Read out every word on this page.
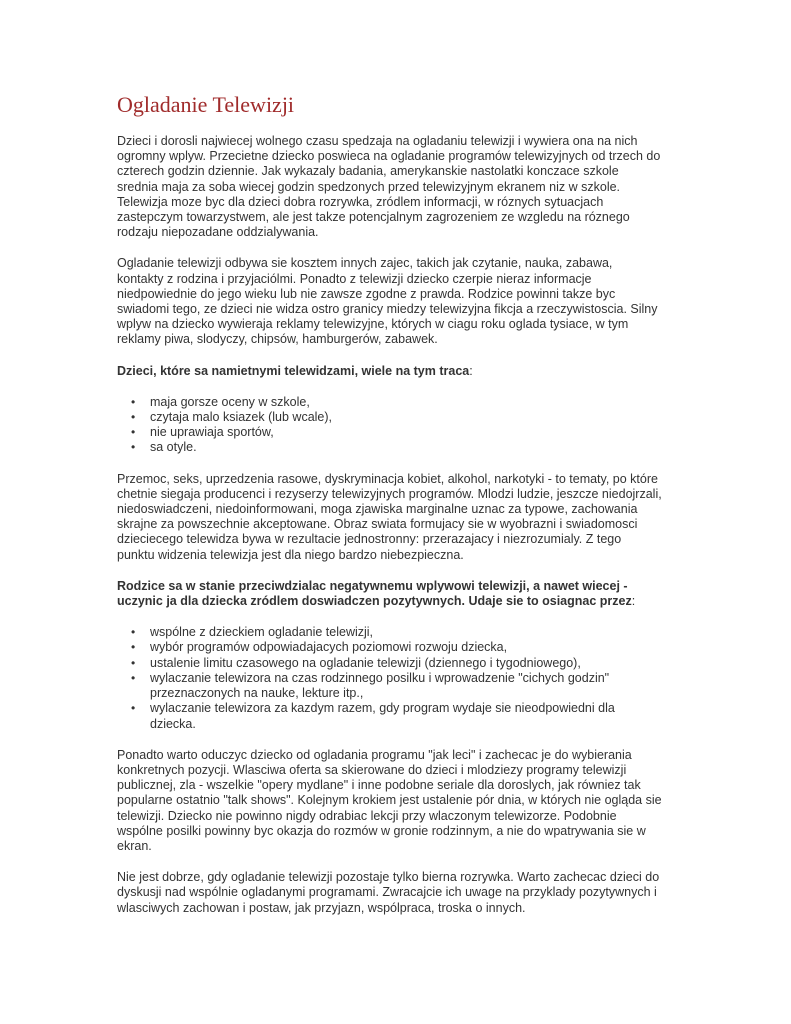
Ogladanie Telewizji

Dzieci i dorosli najwiecej wolnego czasu spedzaja na ogladaniu telewizji i wywiera ona na nich ogromny wplyw. Przecietne dziecko poswieca na ogladanie programów telewizyjnych od trzech do czterech godzin dziennie. Jak wykazaly badania, amerykanskie nastolatki konczace szkole srednia maja za soba wiecej godzin spedzonych przed telewizyjnym ekranem niz w szkole. Telewizja moze byc dla dzieci dobra rozrywka, zródlem informacji, w róznych sytuacjach zastepczym towarzystwem, ale jest takze potencjalnym zagrozeniem ze wzgledu na róznego rodzaju niepozadane oddzialywania.

Ogladanie telewizji odbywa sie kosztem innych zajec, takich jak czytanie, nauka, zabawa, kontakty z rodzina i przyjaciólmi. Ponadto z telewizji dziecko czerpie nieraz informacje niedpowiednie do jego wieku lub nie zawsze zgodne z prawda. Rodzice powinni takze byc swiadomi tego, ze dzieci nie widza ostro granicy miedzy telewizyjna fikcja a rzeczywistoscia. Silny wplyw na dziecko wywieraja reklamy telewizyjne, których w ciagu roku oglada tysiace, w tym reklamy piwa, slodyczy, chipsów, hamburgerów, zabawek.

Dzieci, które sa namietnymi telewidzami, wiele na tym traca:

• maja gorsze oceny w szkole,
• czytaja malo ksiazek (lub wcale),
• nie uprawiaja sportów,
• sa otyle.

Przemoc, seks, uprzedzenia rasowe, dyskryminacja kobiet, alkohol, narkotyki - to tematy, po które chetnie siegaja producenci i rezyserzy telewizyjnych programów. Mlodzi ludzie, jeszcze niedojrzali, niedoswiadczeni, niedoinformowani, moga zjawiska marginalne uznac za typowe, zachowania skrajne za powszechnie akceptowane. Obraz swiata formujacy sie w wyobrazni i swiadomosci dzieciecego telewidza bywa w rezultacie jednostronny: przerazajacy i niezrozumialy. Z tego punktu widzenia telewizja jest dla niego bardzo niebezpieczna.

Rodzice sa w stanie przeciwdzialac negatywnemu wplywowi telewizji, a nawet wiecej - uczynic ja dla dziecka zródlem doswiadczen pozytywnych. Udaje sie to osiagnac przez:

• wspólne z dzieckiem ogladanie telewizji,
• wybór programów odpowiadajacych poziomowi rozwoju dziecka,
• ustalenie limitu czasowego na ogladanie telewizji (dziennego i tygodniowego),
• wylaczanie telewizora na czas rodzinnego posilku i wprowadzenie "cichych godzin" przeznaczonych na nauke, lekture itp.,
• wylaczanie telewizora za kazdym razem, gdy program wydaje sie nieodpowiedni dla dziecka.

Ponadto warto oduczyc dziecko od ogladania programu "jak leci" i zachecac je do wybierania konkretnych pozycji. Wlasciwa oferta sa skierowane do dzieci i mlodziezy programy telewizji publicznej, zla - wszelkie "opery mydlane" i inne podobne seriale dla doroslych, jak równiez tak popularne ostatnio "talk shows". Kolejnym krokiem jest ustalenie pór dnia, w których nie ogląda sie telewizji. Dziecko nie powinno nigdy odrabiac lekcji przy wlaczonym telewizorze. Podobnie wspólne posilki powinny byc okazja do rozmów w gronie rodzinnym, a nie do wpatrywania sie w ekran.

Nie jest dobrze, gdy ogladanie telewizji pozostaje tylko bierna rozrywka. Warto zachecac dzieci do dyskusji nad wspólnie ogladanymi programami. Zwracajcie ich uwage na przyklady pozytywnych i wlasciwych zachowan i postaw, jak przyjazn, wspólpraca, troska o innych.
